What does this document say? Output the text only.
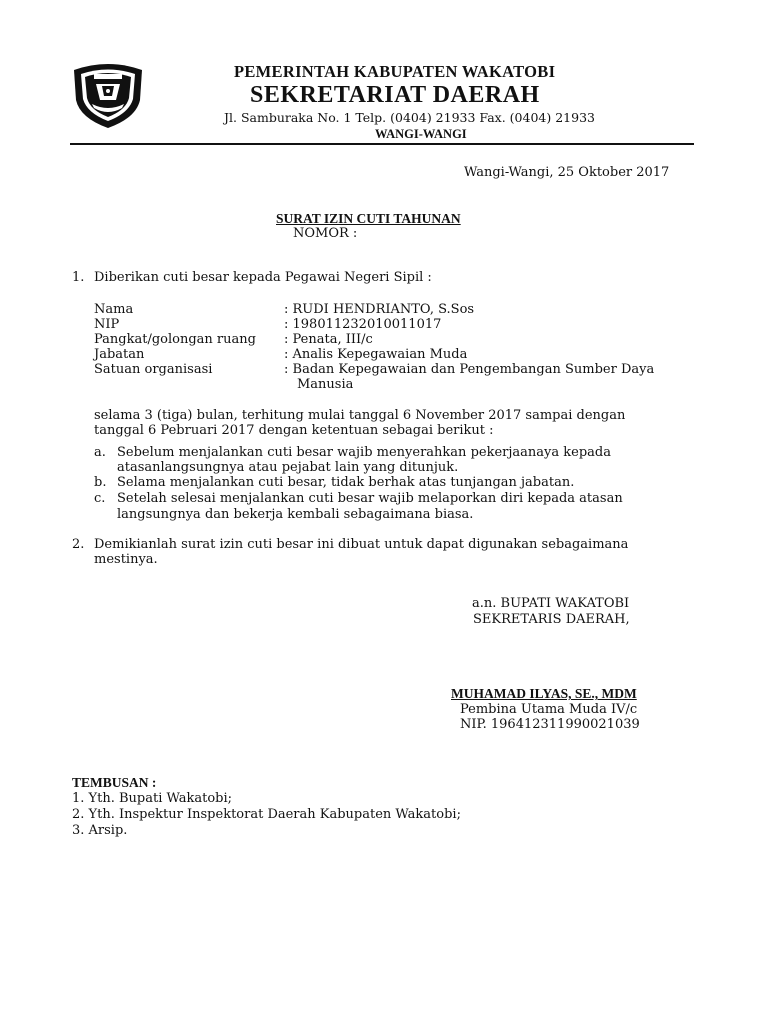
PEMERINTAH KABUPATEN WAKATOBI
SEKRETARIAT DAERAH
Jl. Samburaka No. 1 Telp. (0404) 21933 Fax. (0404) 21933
WANGI-WANGI
Wangi-Wangi, 25 Oktober 2017
SURAT IZIN CUTI TAHUNAN
NOMOR :
1. Diberikan cuti besar kepada Pegawai Negeri Sipil :
Nama	: RUDI HENDRIANTO, S.Sos
NIP	: 198011232010011017
Pangkat/golongan ruang : Penata, III/c
Jabatan	: Analis Kepegawaian Muda
Satuan organisasi	: Badan Kepegawaian dan Pengembangan Sumber Daya
Manusia
selama 3 (tiga) bulan, terhitung mulai tanggal 6 November 2017 sampai dengan
tanggal 6 Pebruari 2017 dengan ketentuan sebagai berikut :
a. Sebelum menjalankan cuti besar wajib menyerahkan pekerjaanaya kepada
atasanlangsungnya atau pejabat lain yang ditunjuk.
b. Selama menjalankan cuti besar, tidak berhak atas tunjangan jabatan.
c. Setelah selesai menjalankan cuti besar wajib melaporkan diri kepada atasan
langsungnya dan bekerja kembali sebagaimana biasa.
2. Demikianlah surat izin cuti besar ini dibuat untuk dapat digunakan sebagaimana
mestinya.
a.n. BUPATI WAKATOBI
SEKRETARIS DAERAH,
MUHAMAD ILYAS, SE., MDM
Pembina Utama Muda IV/c
NIP. 196412311990021039
TEMBUSAN :
1. Yth. Bupati Wakatobi;
2. Yth. Inspektur Inspektorat Daerah Kabupaten Wakatobi;
3. Arsip.
